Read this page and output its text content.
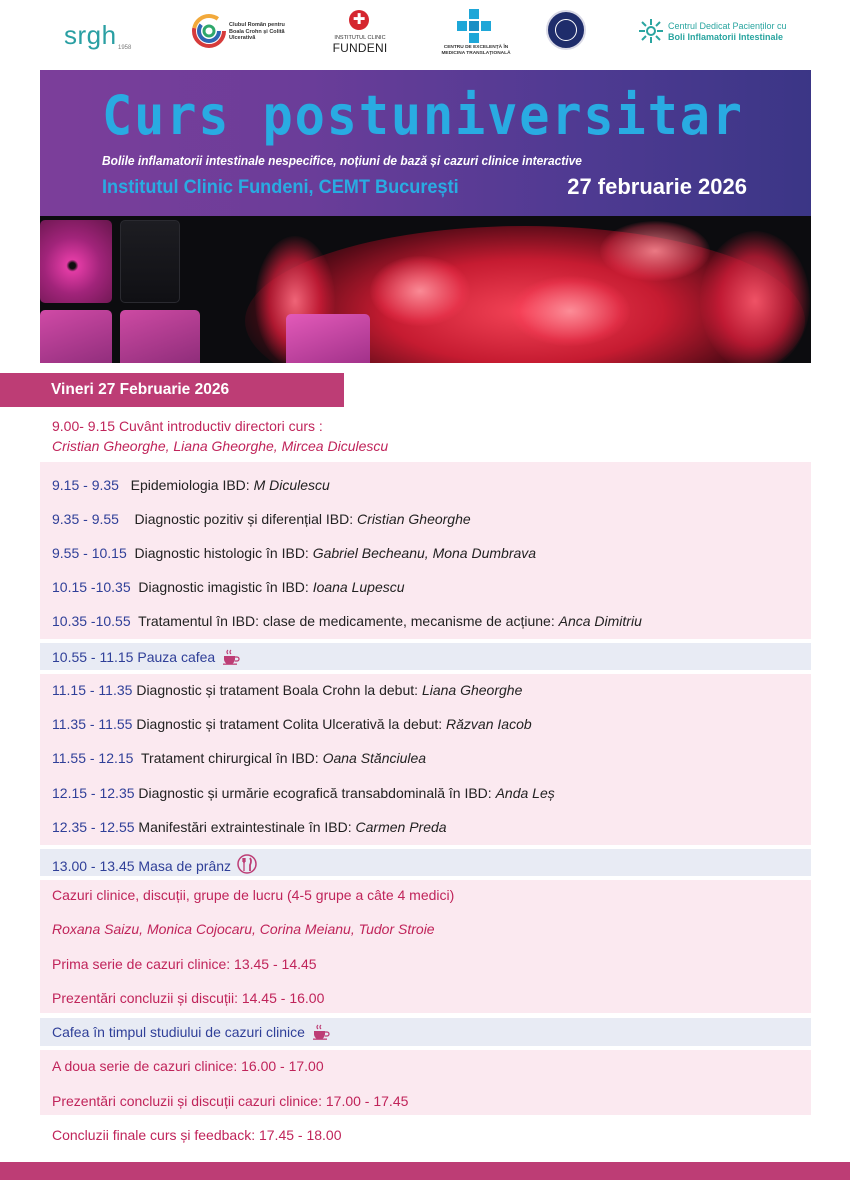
srgh 1958
Clubul Român pentru Boala Crohn și Colită Ulcerativă
✚
INSTITUTUL CLINIC
FUNDENI	CENTRU DE EXCELENȚĂ ÎN MEDICINA TRANSLAȚIONALĂ
Centrul Dedicat Pacienților cu
Boli Inflamatorii Intestinale
Curs postuniversitar
Bolile inflamatorii intestinale nespecifice, noțiuni de bază și cazuri clinice interactive
Institutul Clinic Fundeni, CEMT București	27 februarie 2026
Vineri 27 Februarie 2026
9.00- 9.15 Cuvânt introductiv directori curs :
Cristian Gheorghe, Liana Gheorghe, Mircea Diculescu
9.15 - 9.35   Epidemiologia IBD: M Diculescu
9.35 - 9.55    Diagnostic pozitiv și diferențial IBD: Cristian Gheorghe
9.55 - 10.15  Diagnostic histologic în IBD: Gabriel Becheanu, Mona Dumbrava
10.15 -10.35  Diagnostic imagistic în IBD: Ioana Lupescu
10.35 -10.55  Tratamentul în IBD: clase de medicamente, mecanisme de acțiune: Anca Dimitriu
10.55 - 11.15 Pauza cafea
11.15 - 11.35 Diagnostic și tratament Boala Crohn la debut: Liana Gheorghe
11.35 - 11.55 Diagnostic și tratament Colita Ulcerativă la debut: Răzvan Iacob
11.55 - 12.15  Tratament chirurgical în IBD: Oana Stănciulea
12.15 - 12.35 Diagnostic și urmărie ecografică transabdominală în IBD: Anda Leș
12.35 - 12.55 Manifestări extraintestinale în IBD: Carmen Preda
13.00 - 13.45 Masa de prânz
Cazuri clinice, discuții, grupe de lucru (4-5 grupe a câte 4 medici)
Roxana Saizu, Monica Cojocaru, Corina Meianu, Tudor Stroie
Prima serie de cazuri clinice: 13.45 - 14.45
Prezentări concluzii și discuții: 14.45 - 16.00
Cafea în timpul studiului de cazuri clinice
A doua serie de cazuri clinice: 16.00 - 17.00
Prezentări concluzii și discuții cazuri clinice: 17.00 - 17.45
Concluzii finale curs și feedback: 17.45 - 18.00
